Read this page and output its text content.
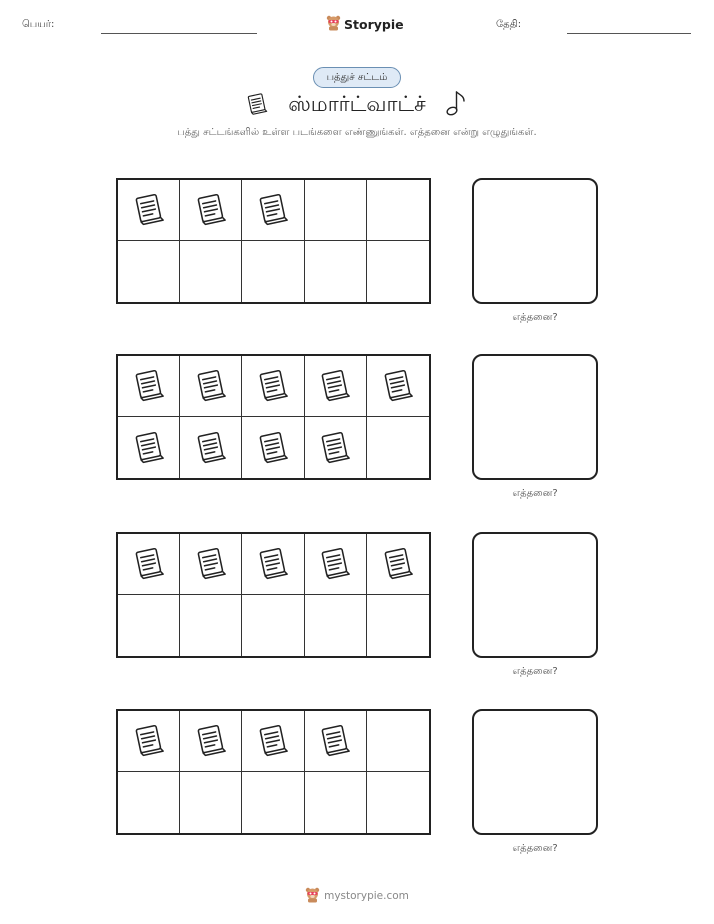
பெயர்:	Storypie	தேதி:
பத்துச் சட்டம்
ஸ்மார்ட்வாட்ச்
பத்து சட்டங்களில் உள்ள படங்களை எண்ணுங்கள். எத்தனை என்று எழுதுங்கள்.
எத்தனை?
எத்தனை?
எத்தனை?
எத்தனை?
mystorypie.com
